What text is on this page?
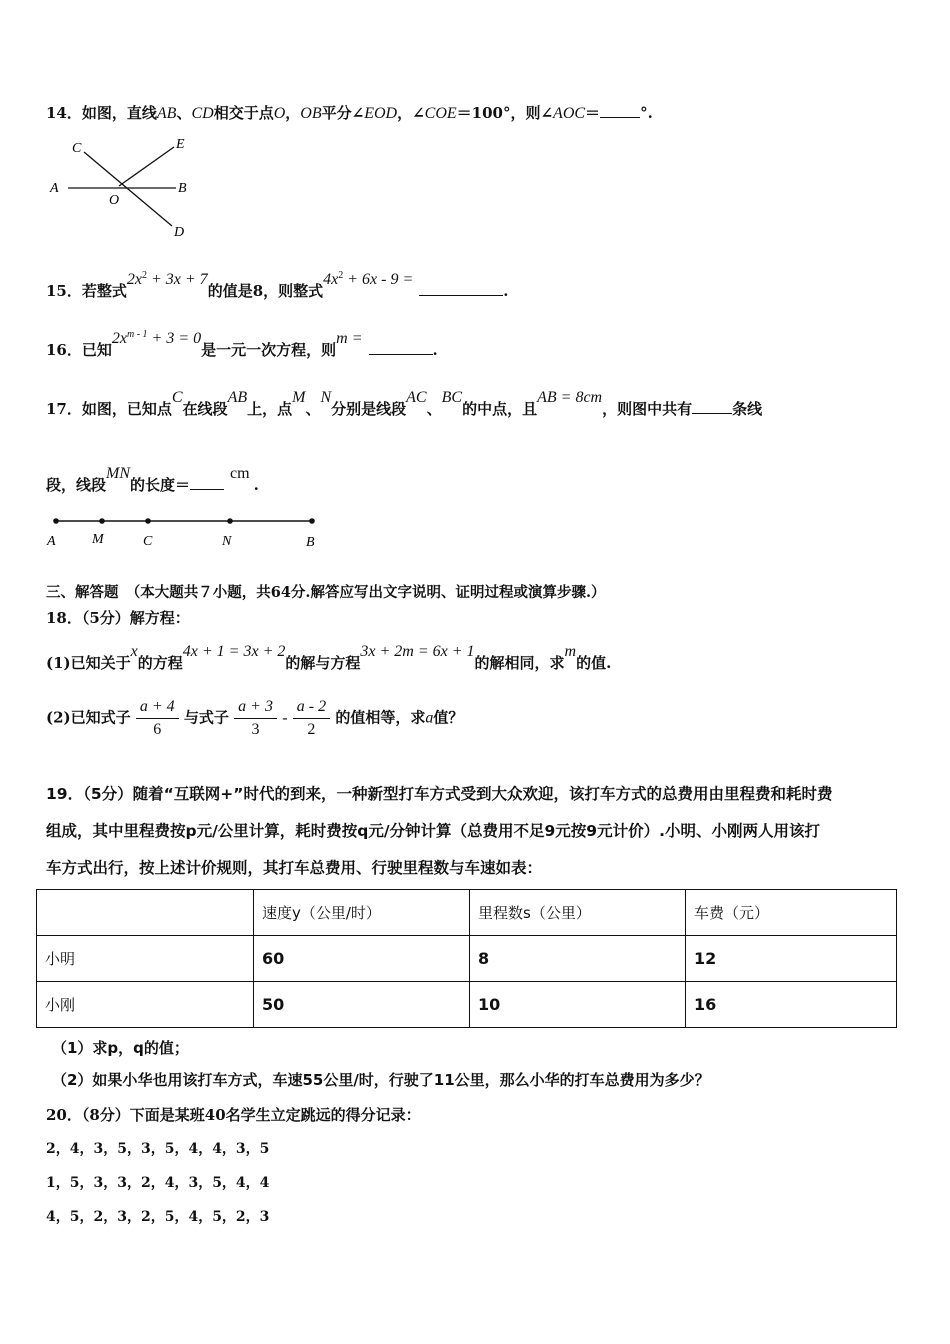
14．如图，直线AB、CD相交于点O，OB平分∠EOD，∠COE＝100°，则∠AOC＝	°.
C	E
A	B
O
D
15．若整式$2x^2 + 3x + 7$的值是8，则整式$4x^2 + 6x - 9$ =.
16．已知$2x^{m - 1} + 3 = 0$是一元一次方程，则m =.
17．如图，已知点C在线段AB上，点M、N分别是线段AC、BC的中点，且AB = 8cm，则图中共有	条线
段，线段MN的长度＝cm.
A	M	C	N	B
三、解答题　（本大题共７小题，共64分.解答应写出文字说明、证明过程或演算步骤.）
18．（5分）解方程：
(1)已知关于x的方程4x + 1 = 3x + 2的解与方程3x + 2m = 6x + 1的解相同，求m的值.
(2)已知式子 $\frac{a + 4}{6}$ 与式子 $\frac{a + 3}{3} - \frac{a - 2}{2}$ 的值相等，求a值？
19．（5分）随着“互联网+”时代的到来，一种新型打车方式受到大众欢迎，该打车方式的总费用由里程费和耗时费
组成，其中里程费按p元/公里计算，耗时费按q元/分钟计算（总费用不足9元按9元计价）.小明、小刚两人用该打
车方式出行，按上述计价规则，其打车总费用、行驶里程数与车速如表：
	速度y（公里/时）	里程数s（公里）	车费（元）
小明	60	8	12
小刚	50	10	16
（1）求p，q的值；
（2）如果小华也用该打车方式，车速55公里/时，行驶了11公里，那么小华的打车总费用为多少？
20．（8分）下面是某班40名学生立定跳远的得分记录：
2，4，3，5，3，5，4，4，3，5
1，5，3，3，2，4，3，5，4，4
4，5，2，3，2，5，4，5，2，3
